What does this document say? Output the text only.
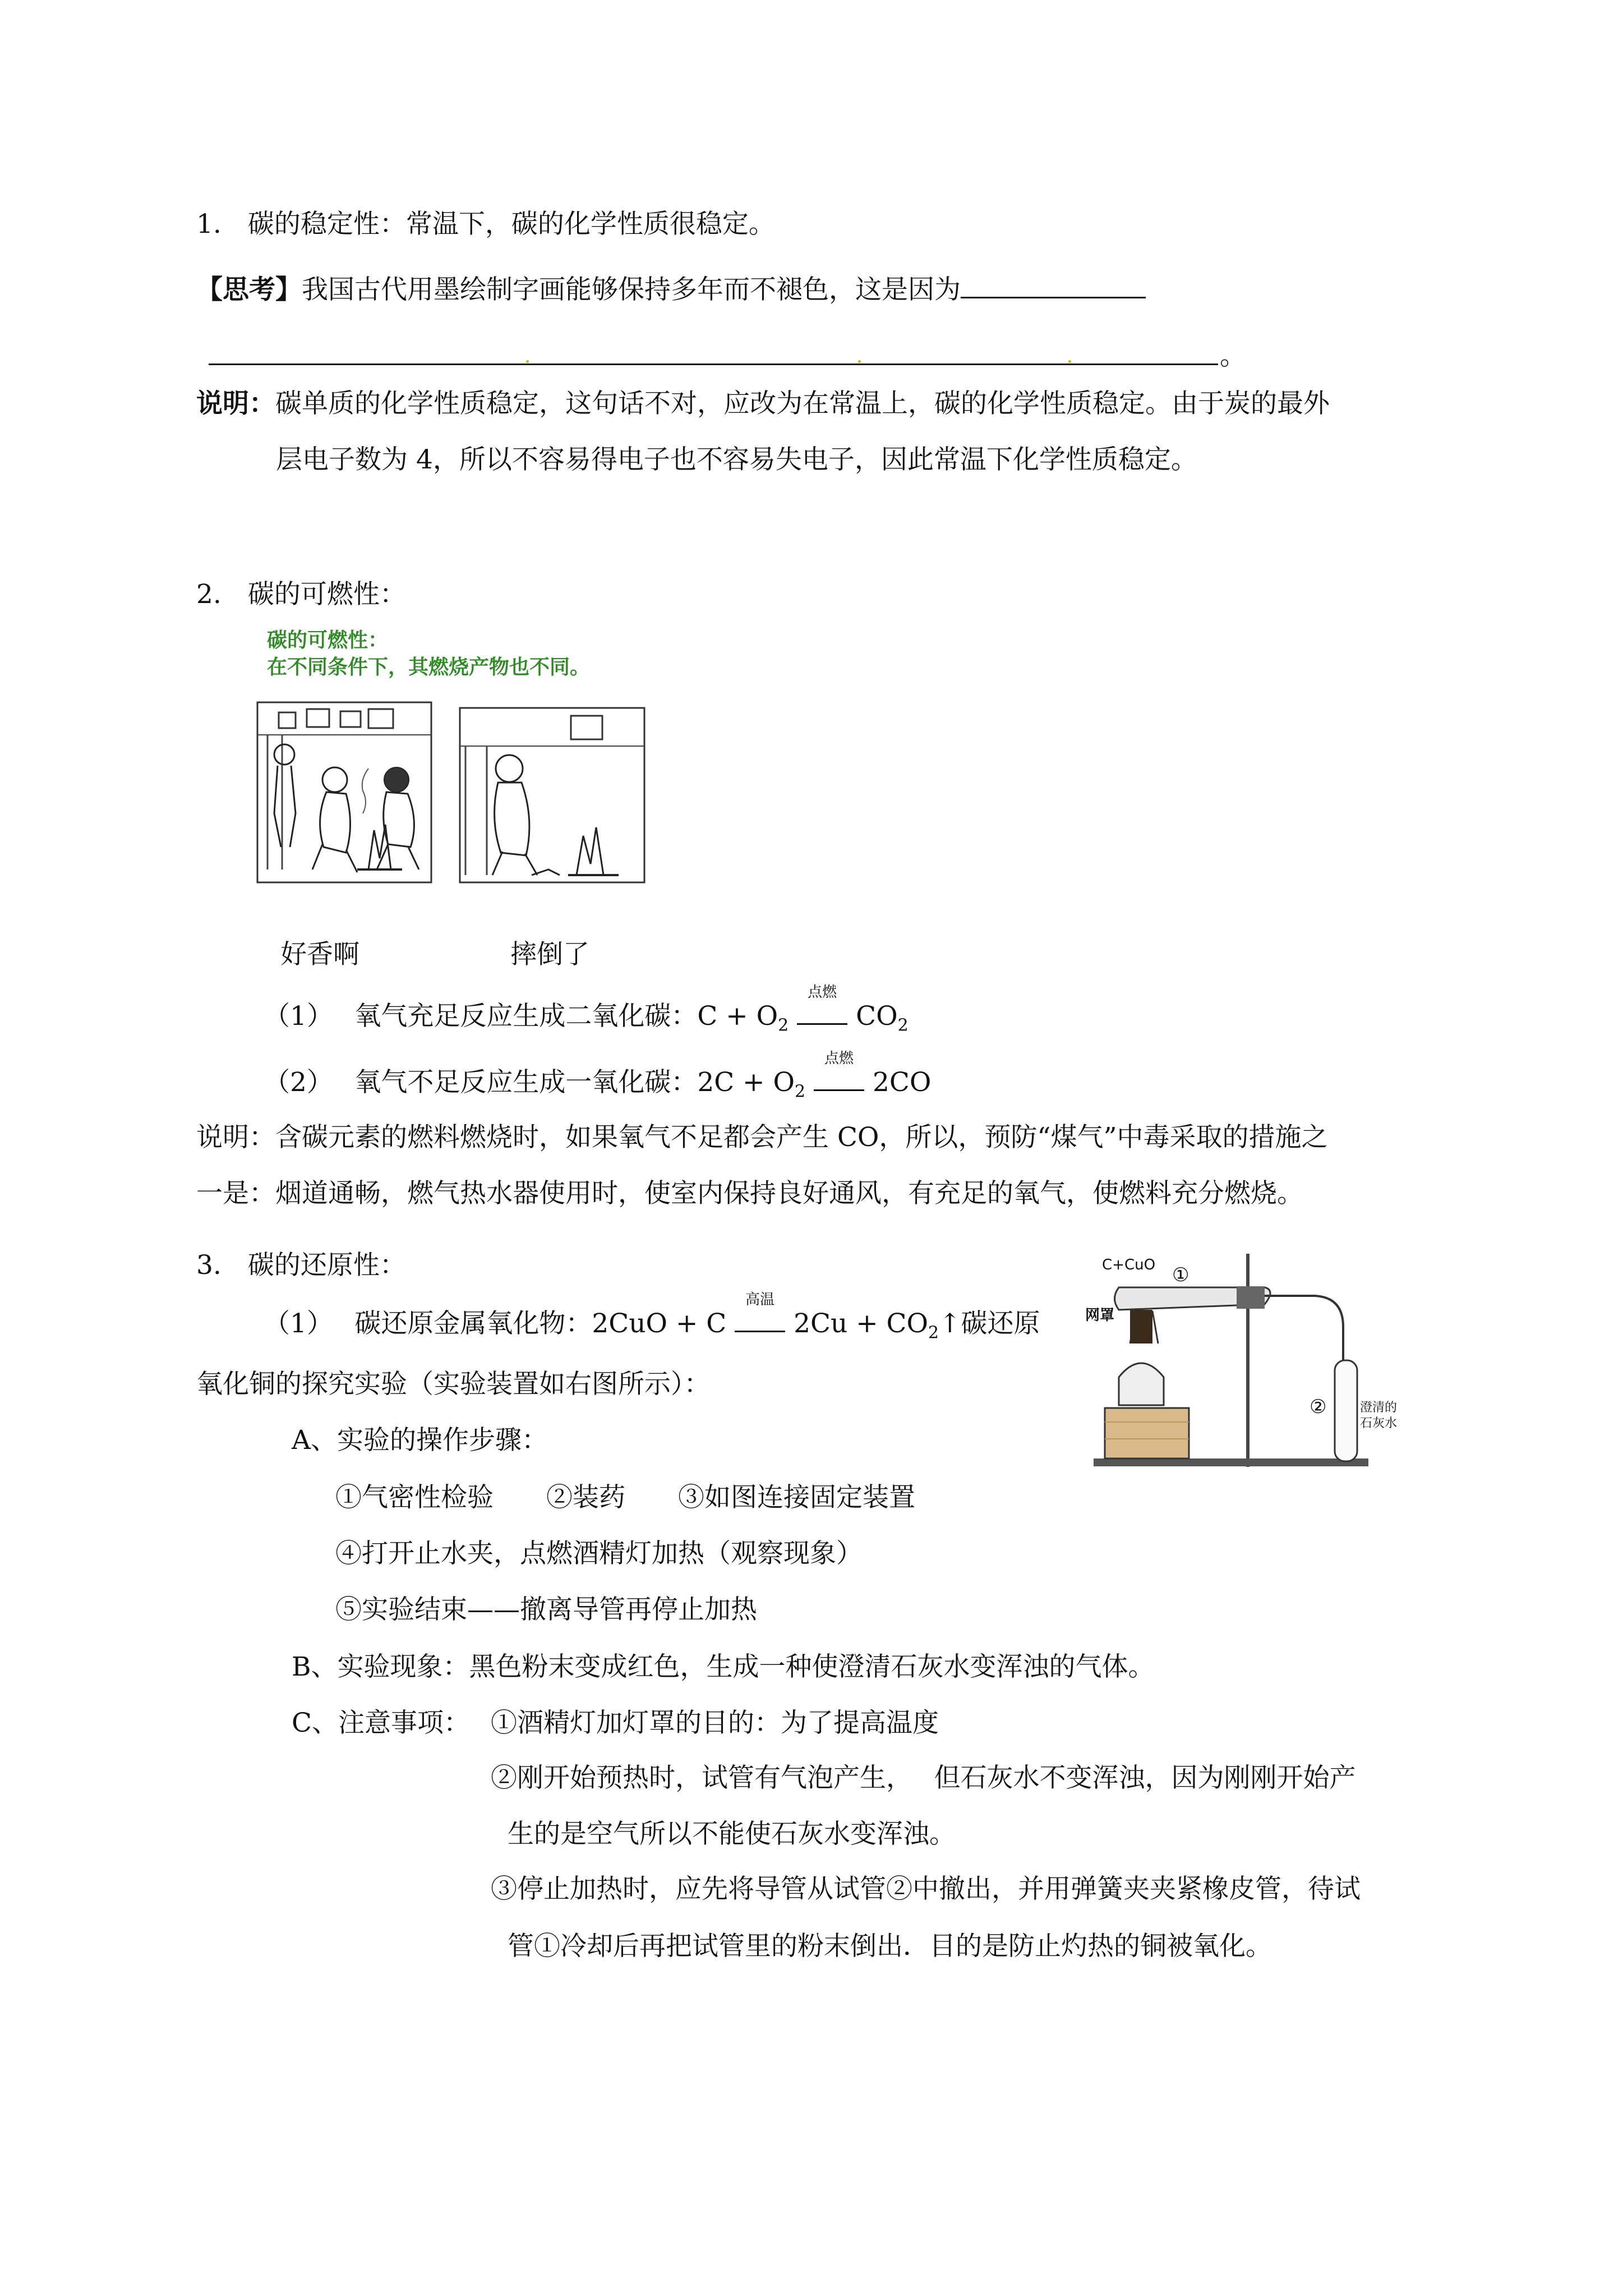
1.　碳的稳定性：常温下，碳的化学性质很稳定。
【思考】我国古代用墨绘制字画能够保持多年而不褪色，这是因为
。
说明：碳单质的化学性质稳定，这句话不对，应改为在常温上，碳的化学性质稳定。由于炭的最外
层电子数为 4，所以不容易得电子也不容易失电子，因此常温下化学性质稳定。
2.　碳的可燃性：
碳的可燃性：
在不同条件下，其燃烧产物也不同。
好香啊	摔倒了
（1）　 氧气充足反应生成二氧化碳：$C + O_2$
点燃
$CO_2$
（2）　 氧气不足反应生成一氧化碳：$2C + O_2$
点燃
2CO
说明：含碳元素的燃料燃烧时，如果氧气不足都会产生 CO，所以，预防“煤气”中毒采取的措施之
一是：烟道通畅，燃气热水器使用时，使室内保持良好通风，有充足的氧气，使燃料充分燃烧。
3.　碳的还原性：
（1）　 碳还原金属氧化物：2CuO + C
高温
$2Cu + CO_2↑$碳还原
氧化铜的探究实验（实验装置如右图所示）：
A、实验的操作步骤：
①气密性检验　　②装药　　③如图连接固定装置
④打开止水夹，点燃酒精灯加热（观察现象）
⑤实验结束——撤离导管再停止加热
B、实验现象：黑色粉末变成红色，生成一种使澄清石灰水变浑浊的气体。
C、注意事项： ①酒精灯加灯罩的目的：为了提高温度
②刚开始预热时，试管有气泡产生，　 但石灰水不变浑浊，因为刚刚开始产
生的是空气所以不能使石灰水变浑浊。
③停止加热时，应先将导管从试管②中撤出，并用弹簧夹夹紧橡皮管，待试
管①冷却后再把试管里的粉末倒出．目的是防止灼热的铜被氧化。
C+CuO ①
网罩
②	澄清的
石灰水
